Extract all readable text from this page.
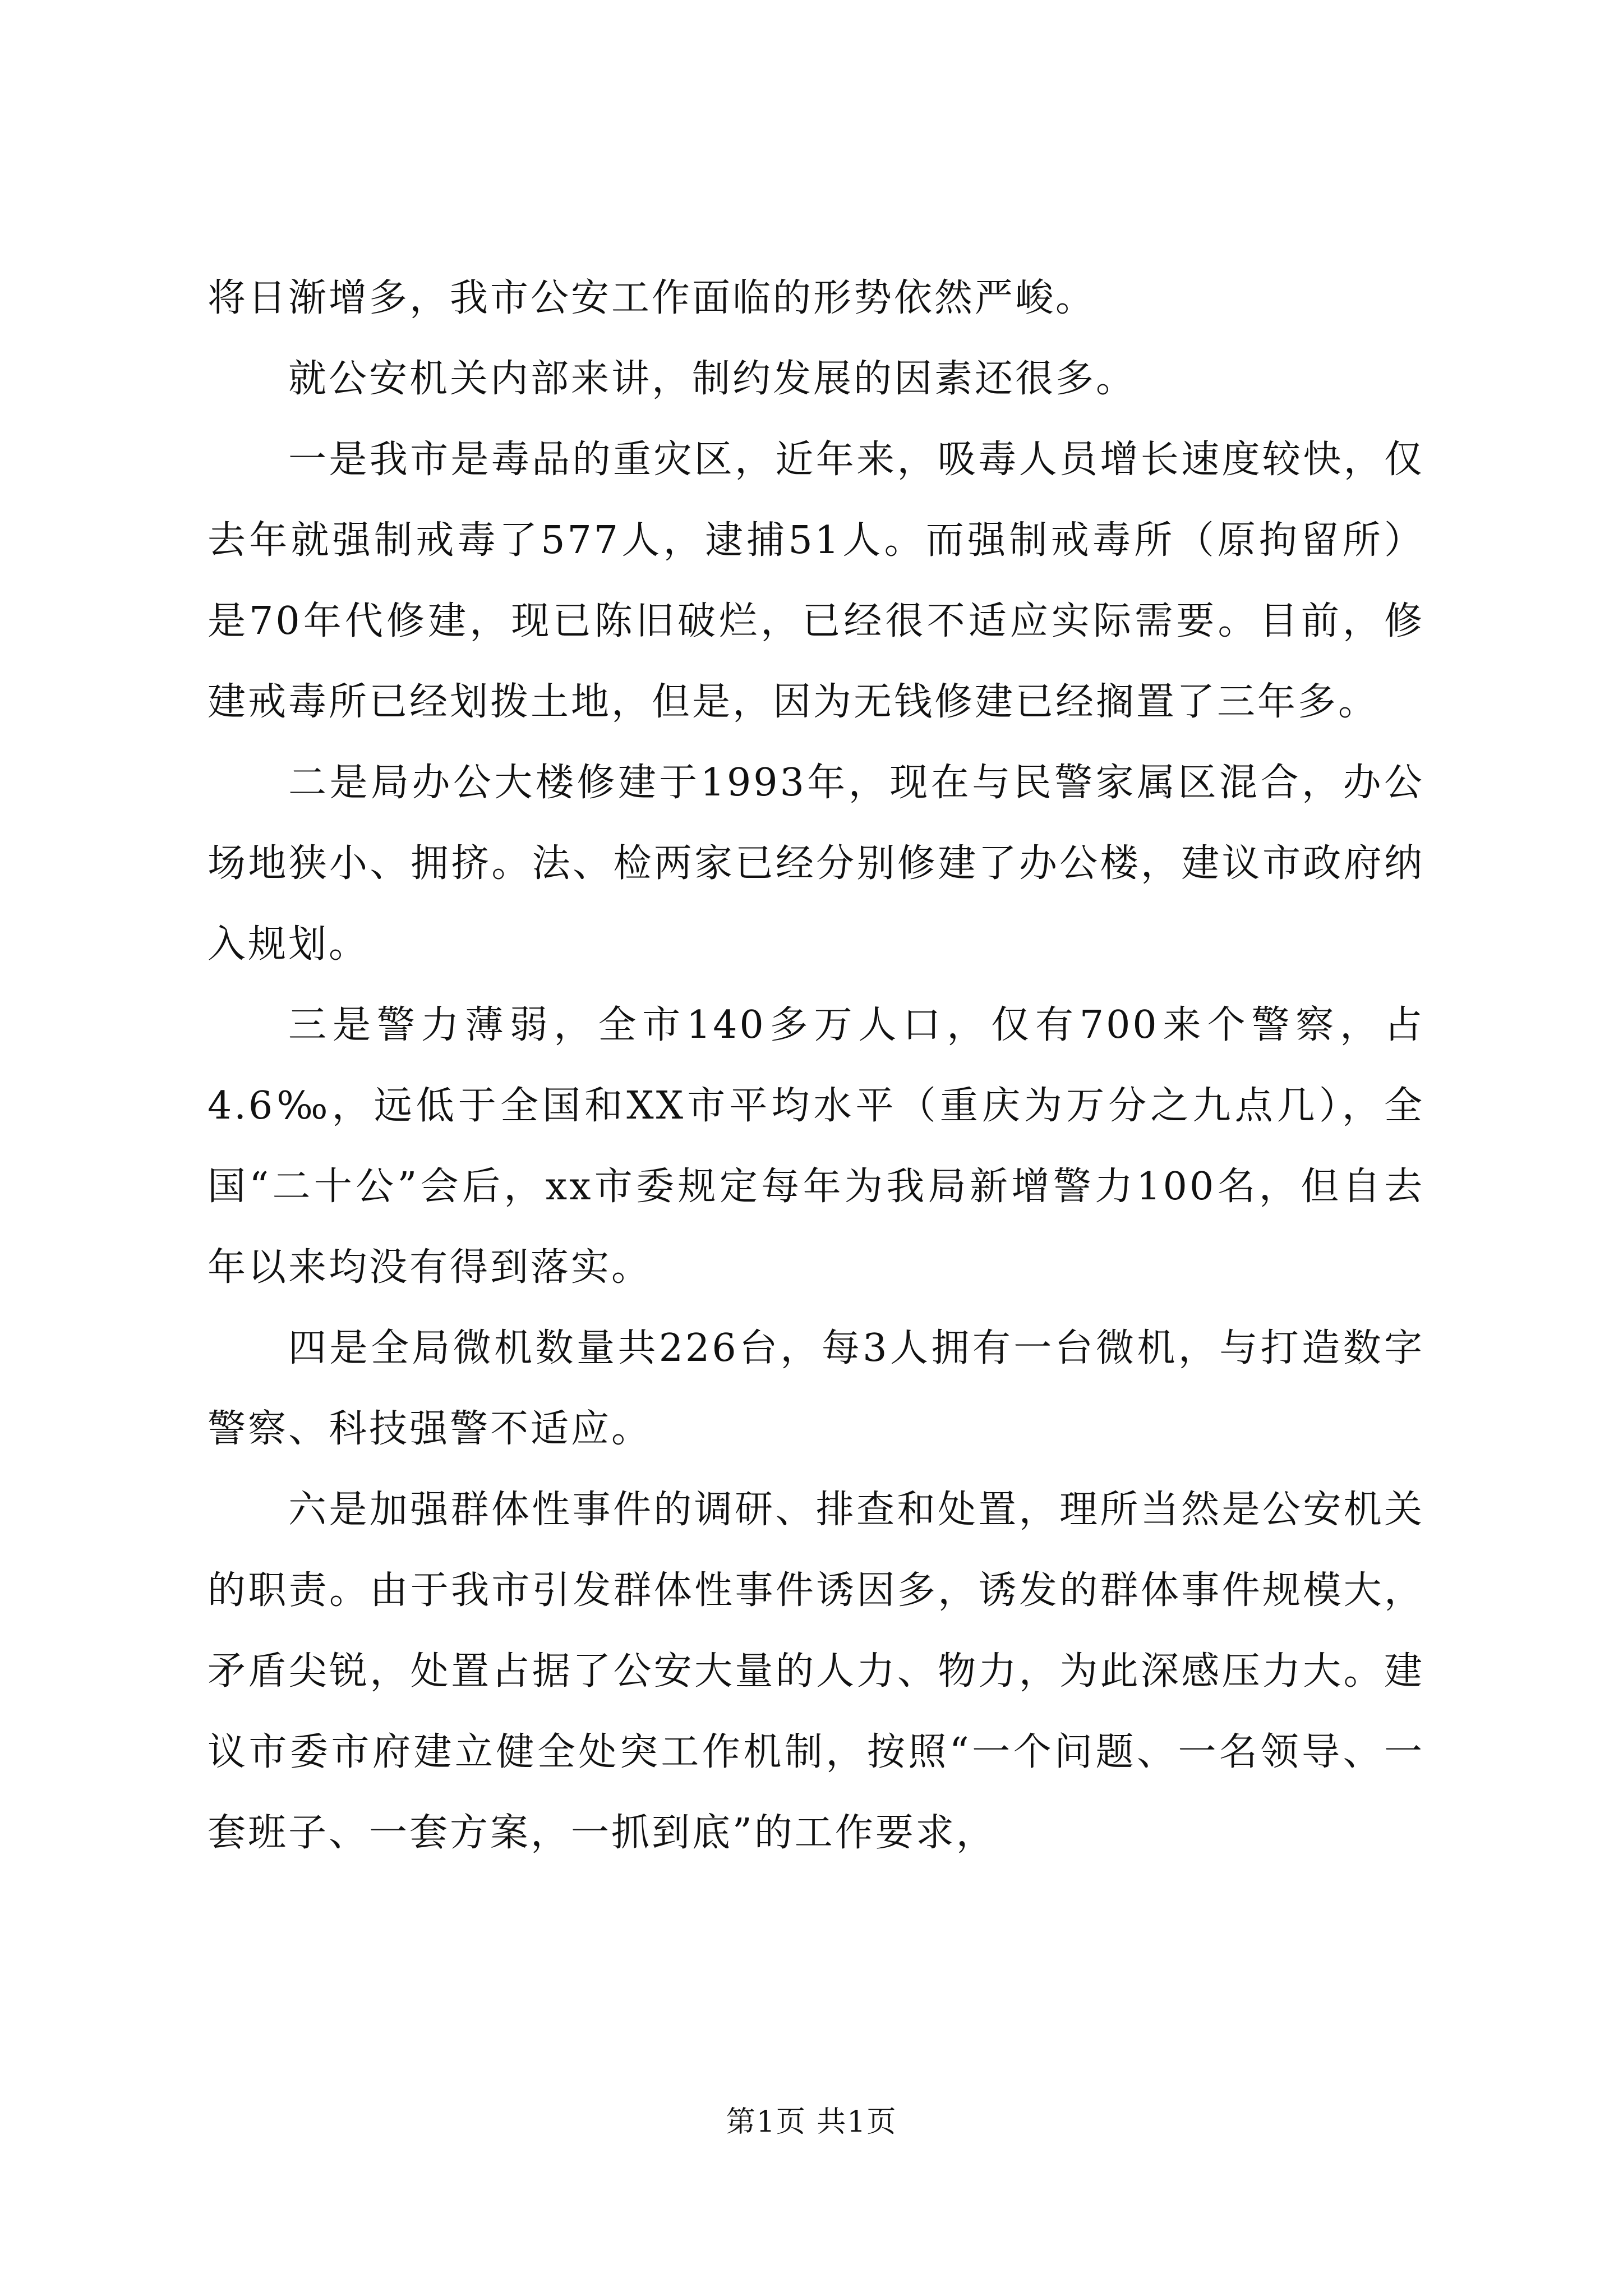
将日渐增多，我市公安工作面临的形势依然严峻。

就公安机关内部来讲，制约发展的因素还很多。

一是我市是毒品的重灾区，近年来，吸毒人员增长速度较快，仅去年就强制戒毒了577人，逮捕51人。而强制戒毒所（原拘留所）是70年代修建，现已陈旧破烂，已经很不适应实际需要。目前，修建戒毒所已经划拨土地，但是，因为无钱修建已经搁置了三年多。

二是局办公大楼修建于1993年，现在与民警家属区混合，办公场地狭小、拥挤。法、检两家已经分别修建了办公楼，建议市政府纳入规划。

三是警力薄弱，全市140多万人口，仅有700来个警察，占4.6‰，远低于全国和XX市平均水平（重庆为万分之九点几），全国“二十公”会后，xx市委规定每年为我局新增警力100名，但自去年以来均没有得到落实。

四是全局微机数量共226台，每3人拥有一台微机，与打造数字警察、科技强警不适应。

六是加强群体性事件的调研、排查和处置，理所当然是公安机关的职责。由于我市引发群体性事件诱因多，诱发的群体事件规模大，矛盾尖锐，处置占据了公安大量的人力、物力，为此深感压力大。建议市委市府建立健全处突工作机制，按照“一个问题、一名领导、一套班子、一套方案，一抓到底”的工作要求，

第1页 共1页
